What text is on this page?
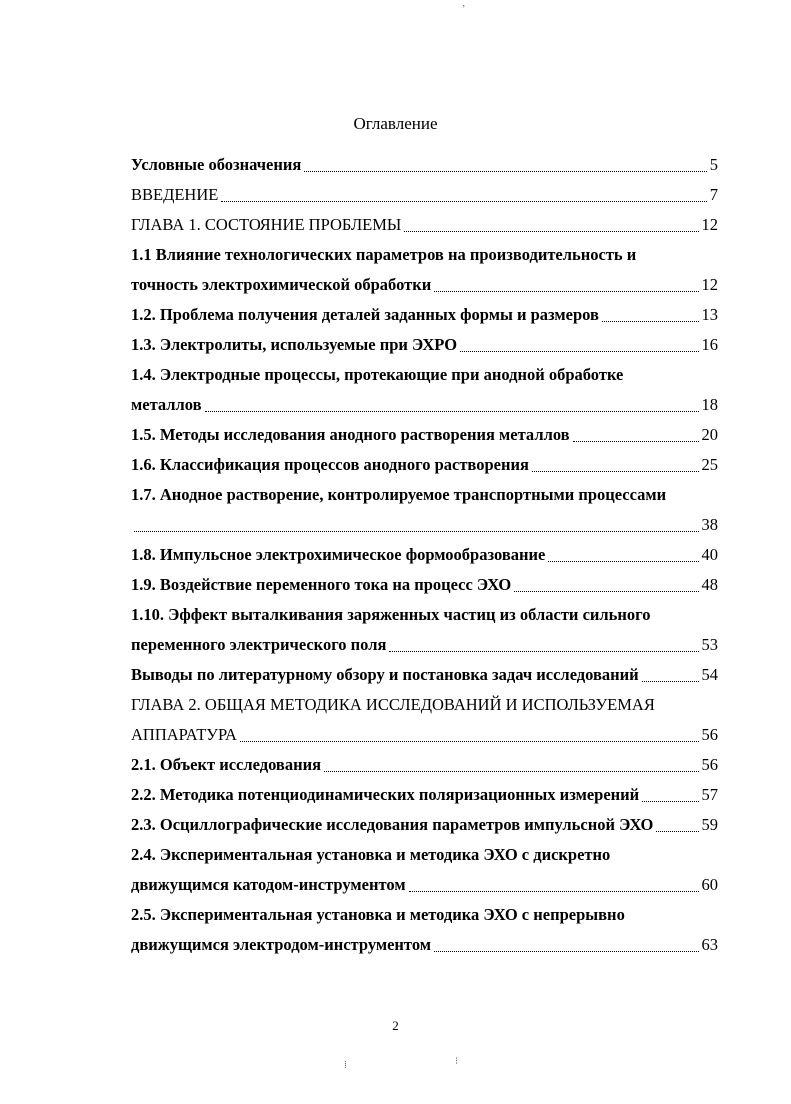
ʼ
Оглавление
Условные обозначения	5
ВВЕДЕНИЕ	7
ГЛАВА 1. СОСТОЯНИЕ ПРОБЛЕМЫ	12
1.1 Влияние технологических параметров на производительность и
точность электрохимической обработки	12
1.2. Проблема получения деталей заданных формы и размеров	13
1.3. Электролиты, используемые при ЭХРО	16
1.4. Электродные процессы, протекающие при анодной обработке
металлов	18
1.5. Методы исследования анодного растворения металлов	20
1.6. Классификация процессов анодного растворения	25
1.7. Анодное растворение, контролируемое транспортными процессами
38
1.8. Импульсное электрохимическое формообразование	40
1.9. Воздействие переменного тока на процесс ЭХО	48
1.10. Эффект выталкивания заряженных частиц из области сильного
переменного электрического поля	53
Выводы по литературному обзору и постановка задач исследований	54
ГЛАВА 2. ОБЩАЯ МЕТОДИКА ИССЛЕДОВАНИЙ И ИСПОЛЬЗУЕМАЯ
АППАРАТУРА	56
2.1. Объект исследования	56
2.2. Методика потенциодинамических поляризационных измерений	57
2.3. Осциллографические исследования параметров импульсной ЭХО	59
2.4. Экспериментальная установка и методика ЭХО с дискретно
движущимся катодом-инструментом	60
2.5. Экспериментальная установка и методика ЭХО с непрерывно
движущимся электродом-инструментом	63
2
⁞	⁝
